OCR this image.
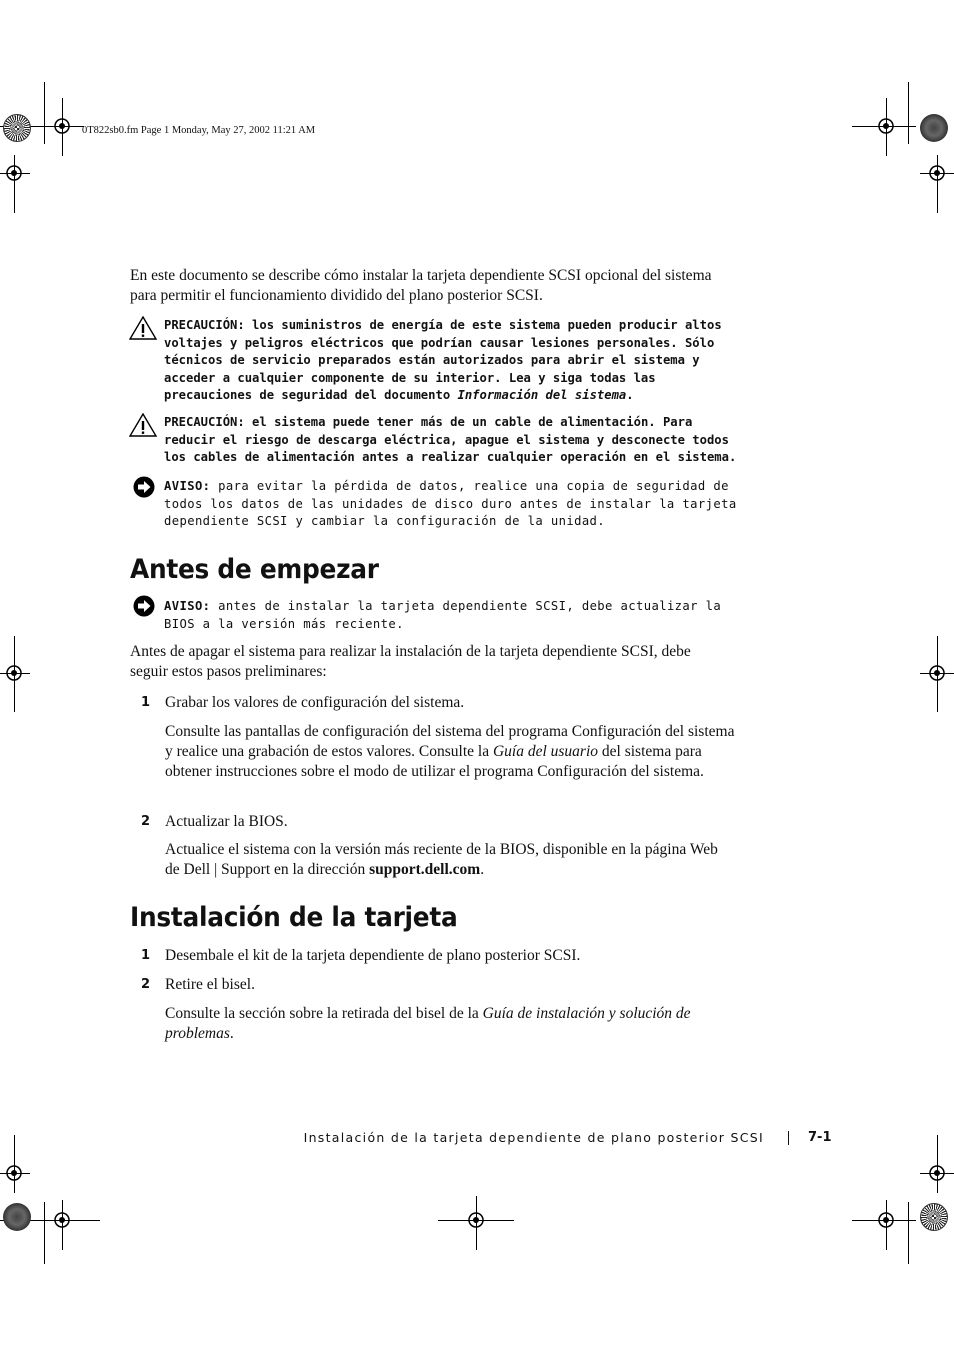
0T822sb0.fm Page 1 Monday, May 27, 2002 11:21 AM

En este documento se describe cómo instalar la tarjeta dependiente SCSI opcional del sistema para permitir el funcionamiento dividido del plano posterior SCSI.

PRECAUCIÓN: los suministros de energía de este sistema pueden producir altos voltajes y peligros eléctricos que podrían causar lesiones personales. Sólo técnicos de servicio preparados están autorizados para abrir el sistema y acceder a cualquier componente de su interior. Lea y siga todas las precauciones de seguridad del documento Información del sistema.
PRECAUCIÓN: el sistema puede tener más de un cable de alimentación. Para reducir el riesgo de descarga eléctrica, apague el sistema y desconecte todos los cables de alimentación antes a realizar cualquier operación en el sistema.
AVISO: para evitar la pérdida de datos, realice una copia de seguridad de todos los datos de las unidades de disco duro antes de instalar la tarjeta dependiente SCSI y cambiar la configuración de la unidad.
Antes de empezar
AVISO: antes de instalar la tarjeta dependiente SCSI, debe actualizar la BIOS a la versión más reciente.

Antes de apagar el sistema para realizar la instalación de la tarjeta dependiente SCSI, debe seguir estos pasos preliminares:

1 Grabar los valores de configuración del sistema.
Consulte las pantallas de configuración del sistema del programa Configuración del sistema y realice una grabación de estos valores. Consulte la Guía del usuario del sistema para obtener instrucciones sobre el modo de utilizar el programa Configuración del sistema.
2 Actualizar la BIOS.
Actualice el sistema con la versión más reciente de la BIOS, disponible en la página Web de Dell | Support en la dirección support.dell.com.
Instalación de la tarjeta
1 Desembale el kit de la tarjeta dependiente de plano posterior SCSI.
2 Retire el bisel.
Consulte la sección sobre la retirada del bisel de la Guía de instalación y solución de problemas.
Instalación de la tarjeta dependiente de plano posterior SCSI	7-1
